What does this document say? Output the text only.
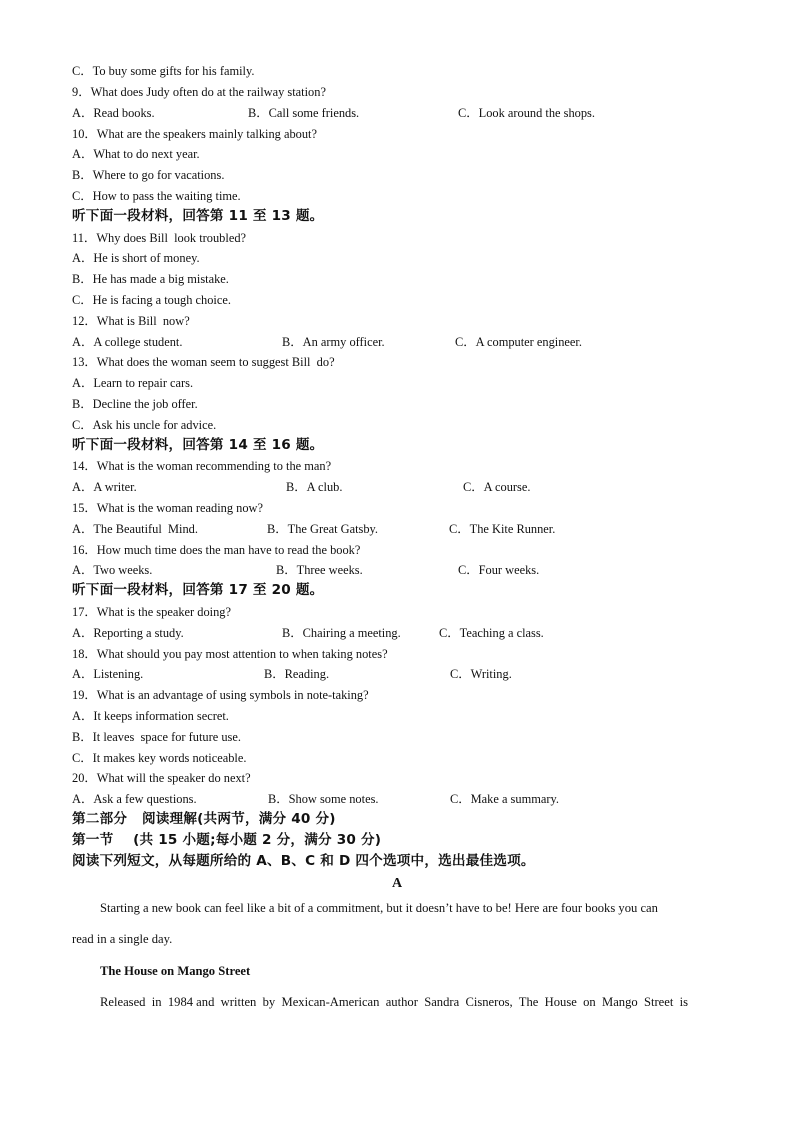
C．To buy some gifts for his family.
9．What does Judy often do at the railway station?
A．Read books.	B．Call some friends.	C．Look around the shops.
10．What are the speakers mainly talking about?
A．What to do next year.
B．Where to go for vacations.
C．How to pass the waiting time.
听下面一段材料，回答第 11 至 13 题。
11．Why does Bill  look troubled?
A．He is short of money.
B．He has made a big mistake.
C．He is facing a tough choice.
12．What is Bill  now?
A．A college student.	B．An army officer.	C．A computer engineer.
13．What does the woman seem to suggest Bill  do?
A．Learn to repair cars.
B．Decline the job offer.
C．Ask his uncle for advice.
听下面一段材料，回答第 14 至 16 题。
14．What is the woman recommending to the man?
A．A writer.	B．A club.	C．A course.
15．What is the woman reading now?
A．The Beautiful  Mind.	B．The Great Gatsby.	C．The Kite Runner.
16．How much time does the man have to read the book?
A．Two weeks.	B．Three weeks.	C．Four weeks.
听下面一段材料，回答第 17 至 20 题。
17．What is the speaker doing?
A．Reporting a study.	B．Chairing a meeting.	C．Teaching a class.
18．What should you pay most attention to when taking notes?
A．Listening.	B．Reading.	C．Writing.
19．What is an advantage of using symbols in note-taking?
A．It keeps information secret.
B．It leaves  space for future use.
C．It makes key words noticeable.
20．What will the speaker do next?
A．Ask a few questions.	B．Show some notes.	C．Make a summary.
第二部分   阅读理解(共两节，满分 40 分)
第一节    (共 15 小题;每小题 2 分，满分 30 分)
阅读下列短文，从每题所给的 A、B、C 和 D 四个选项中，选出最佳选项。
A
Starting a new book can feel like a bit of a commitment, but it doesn’t have to be! Here are four books you can
read in a single day.
The House on Mango Street
Released  in  1984 and  written  by  Mexican-American  author  Sandra  Cisneros,  The  House  on  Mango  Street  is
